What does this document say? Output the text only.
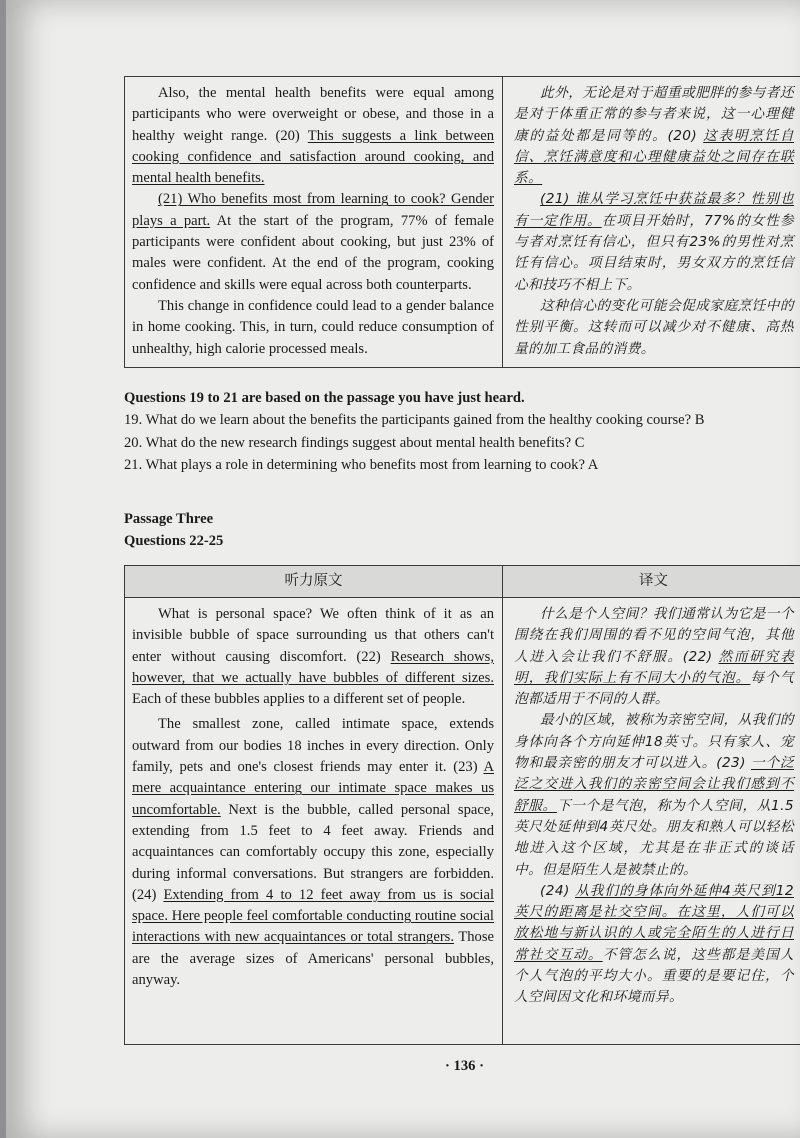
Also, the mental health benefits were equal among participants who were overweight or obese, and those in a healthy weight range. (20) This suggests a link between cooking confidence and satisfaction around cooking, and mental health benefits.

(21) Who benefits most from learning to cook? Gender plays a part. At the start of the program, 77% of female participants were confident about cooking, but just 23% of males were confident. At the end of the program, cooking confidence and skills were equal across both counterparts.

This change in confidence could lead to a gender balance in home cooking. This, in turn, could reduce consumption of unhealthy, high calorie processed meals.

此外，无论是对于超重或肥胖的参与者还是对于体重正常的参与者来说，这一心理健康的益处都是同等的。(20) 这表明烹饪自信、烹饪满意度和心理健康益处之间存在联系。

(21) 谁从学习烹饪中获益最多？性别也有一定作用。在项目开始时，77%的女性参与者对烹饪有信心，但只有23%的男性对烹饪有信心。项目结束时，男女双方的烹饪信心和技巧不相上下。

这种信心的变化可能会促成家庭烹饪中的性别平衡。这转而可以减少对不健康、高热量的加工食品的消费。

Questions 19 to 21 are based on the passage you have just heard.

19. What do we learn about the benefits the participants gained from the healthy cooking course? B

20. What do the new research findings suggest about mental health benefits? C

21. What plays a role in determining who benefits most from learning to cook? A

Passage Three

Questions 22-25

听力原文	译文

What is personal space? We often think of it as an invisible bubble of space surrounding us that others can't enter without causing discomfort. (22) Research shows, however, that we actually have bubbles of different sizes. Each of these bubbles applies to a different set of people.

The smallest zone, called intimate space, extends outward from our bodies 18 inches in every direction. Only family, pets and one's closest friends may enter it. (23) A mere acquaintance entering our intimate space makes us uncomfortable. Next is the bubble, called personal space, extending from 1.5 feet to 4 feet away. Friends and acquaintances can comfortably occupy this zone, especially during informal conversations. But strangers are forbidden. (24) Extending from 4 to 12 feet away from us is social space. Here people feel comfortable conducting routine social interactions with new acquaintances or total strangers. Those are the average sizes of Americans' personal bubbles, anyway.

什么是个人空间？我们通常认为它是一个围绕在我们周围的看不见的空间气泡，其他人进入会让我们不舒服。(22) 然而研究表明，我们实际上有不同大小的气泡。每个气泡都适用于不同的人群。

最小的区域，被称为亲密空间，从我们的身体向各个方向延伸18英寸。只有家人、宠物和最亲密的朋友才可以进入。(23) 一个泛泛之交进入我们的亲密空间会让我们感到不舒服。下一个是气泡，称为个人空间，从1.5英尺处延伸到4英尺处。朋友和熟人可以轻松地进入这个区域，尤其是在非正式的谈话中。但是陌生人是被禁止的。

(24) 从我们的身体向外延伸4英尺到12英尺的距离是社交空间。在这里，人们可以放松地与新认识的人或完全陌生的人进行日常社交互动。不管怎么说，这些都是美国人个人气泡的平均大小。重要的是要记住，个人空间因文化和环境而异。

· 136 ·
